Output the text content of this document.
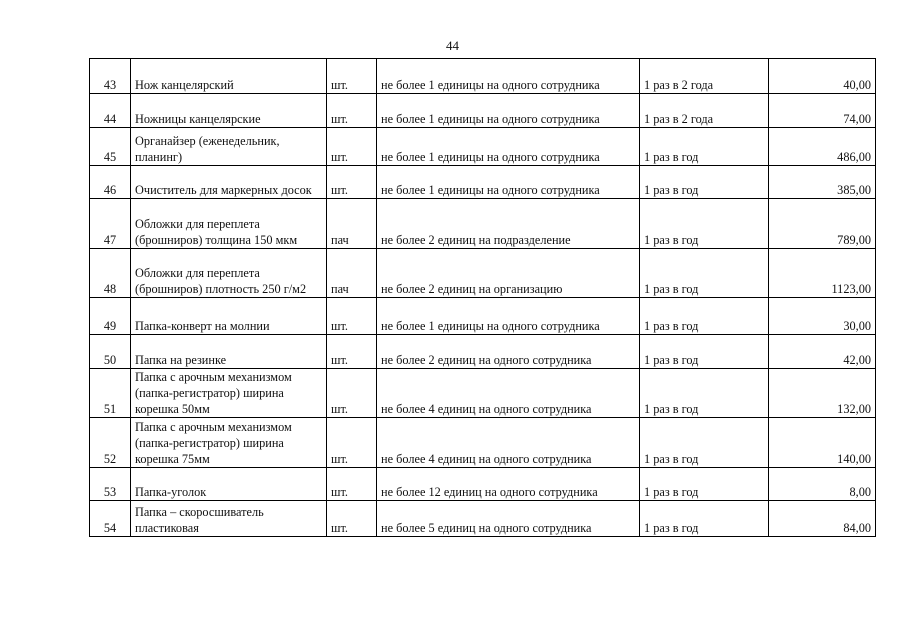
44
43	Нож канцелярский	шт.	не более 1 единицы на одного сотрудника	1 раз в 2 года	40,00
44	Ножницы канцелярские	шт.	не более 1 единицы на одного сотрудника	1 раз в 2 года	74,00
45	Органайзер (еженедельник, планинг)	шт.	не более 1 единицы на одного сотрудника	1 раз в год	486,00
46	Очиститель для маркерных досок	шт.	не более 1 единицы на одного сотрудника	1 раз в год	385,00
47	Обложки для переплета (брошниров) толщина 150 мкм	пач	не более 2 единиц на подразделение	1 раз в год	789,00
48	Обложки для переплета (брошниров) плотность 250 г/м2	пач	не более 2 единиц на организацию	1 раз в год	1123,00
49	Папка-конверт на молнии	шт.	не более 1 единицы на одного сотрудника	1 раз в год	30,00
50	Папка на резинке	шт.	не более 2 единиц на одного сотрудника	1 раз в год	42,00
51	Папка с арочным механизмом (папка-регистратор) ширина корешка 50мм	шт.	не более 4 единиц на одного сотрудника	1 раз в год	132,00
52	Папка с арочным механизмом (папка-регистратор) ширина корешка 75мм	шт.	не более 4 единиц на одного сотрудника	1 раз в год	140,00
53	Папка-уголок	шт.	не более 12 единиц на одного сотрудника	1 раз в год	8,00
54	Папка – скоросшиватель пластиковая	шт.	не более 5 единиц на одного сотрудника	1 раз в год	84,00
